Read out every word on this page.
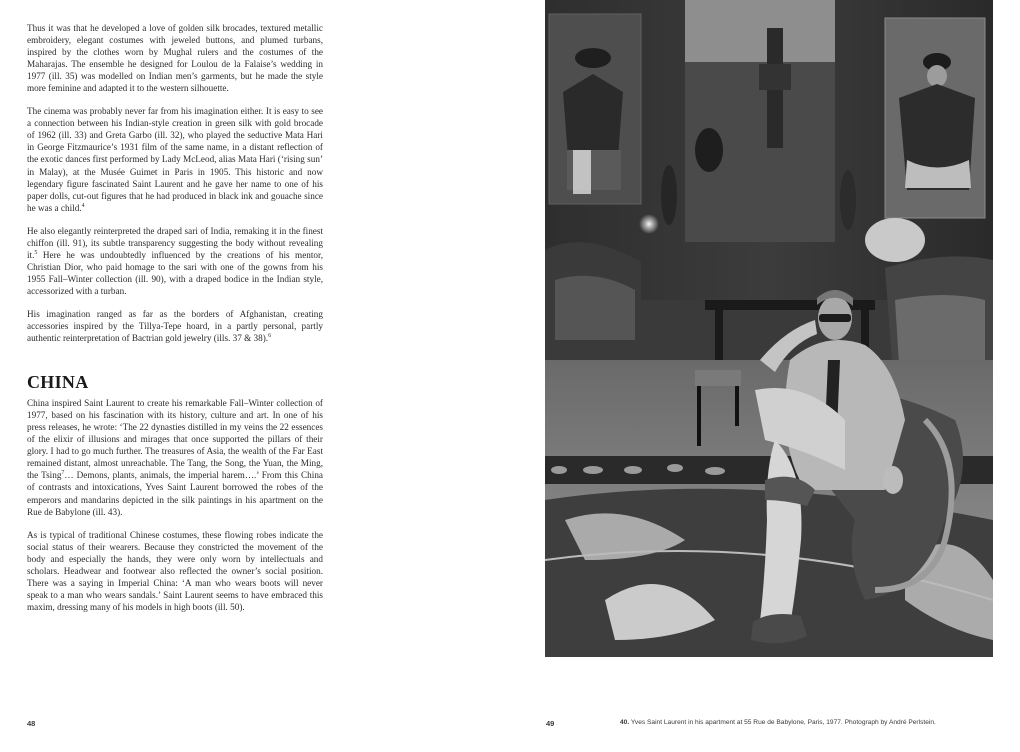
Thus it was that he developed a love of golden silk brocades, textured metallic embroidery, elegant costumes with jeweled buttons, and plumed turbans, inspired by the clothes worn by Mughal rulers and the costumes of the Maharajas. The ensemble he designed for Loulou de la Falaise’s wedding in 1977 (ill. 35) was modelled on Indian men’s garments, but he made the style more feminine and adapted it to the western silhouette.

The cinema was probably never far from his imagination either. It is easy to see a connection between his Indian-style creation in green silk with gold brocade of 1962 (ill. 33) and Greta Garbo (ill. 32), who played the seductive Mata Hari in George Fitzmaurice’s 1931 film of the same name, in a distant reflection of the exotic dances first performed by Lady McLeod, alias Mata Hari (‘rising sun’ in Malay), at the Musée Guimet in Paris in 1905. This historic and now legendary figure fascinated Saint Laurent and he gave her name to one of his paper dolls, cut-out figures that he had produced in black ink and gouache since he was a child.$^4$

He also elegantly reinterpreted the draped sari of India, remaking it in the finest chiffon (ill. 91), its subtle transparency suggesting the body without revealing it.$^5$ Here he was undoubtedly influenced by the creations of his mentor, Christian Dior, who paid homage to the sari with one of the gowns from his 1955 Fall–Winter collection (ill. 90), with a draped bodice in the Indian style, accessorized with a turban.

His imagination ranged as far as the borders of Afghanistan, creating accessories inspired by the Tillya-Tepe hoard, in a partly personal, partly authentic reinterpretation of Bactrian gold jewelry (ills. 37 & 38).$^6$

CHINA

China inspired Saint Laurent to create his remarkable Fall–Winter collection of 1977, based on his fascination with its history, culture and art. In one of his press releases, he wrote: ‘The 22 dynasties distilled in my veins the 22 essences of the elixir of illusions and mirages that once supported the pillars of their glory. I had to go much further. The treasures of Asia, the wealth of the Far East remained distant, almost unreachable. The Tang, the Song, the Yuan, the Ming, the Tsing$^7$… Demons, plants, animals, the imperial harem….’ From this China of contrasts and intoxications, Yves Saint Laurent borrowed the robes of the emperors and mandarins depicted in the silk paintings in his apartment on the Rue de Babylone (ill. 43).

As is typical of traditional Chinese costumes, these flowing robes indicate the social status of their wearers. Because they constricted the movement of the body and especially the hands, they were only worn by intellectuals and scholars. Headwear and footwear also reflected the owner’s social position. There was a saying in Imperial China: ‘A man who wears boots will never speak to a man who wears sandals.’ Saint Laurent seems to have embraced this maxim, dressing many of his models in high boots (ill. 50).

48	49	40. Yves Saint Laurent in his apartment at 55 Rue de Babylone, Paris, 1977. Photograph by André Perlstein.
